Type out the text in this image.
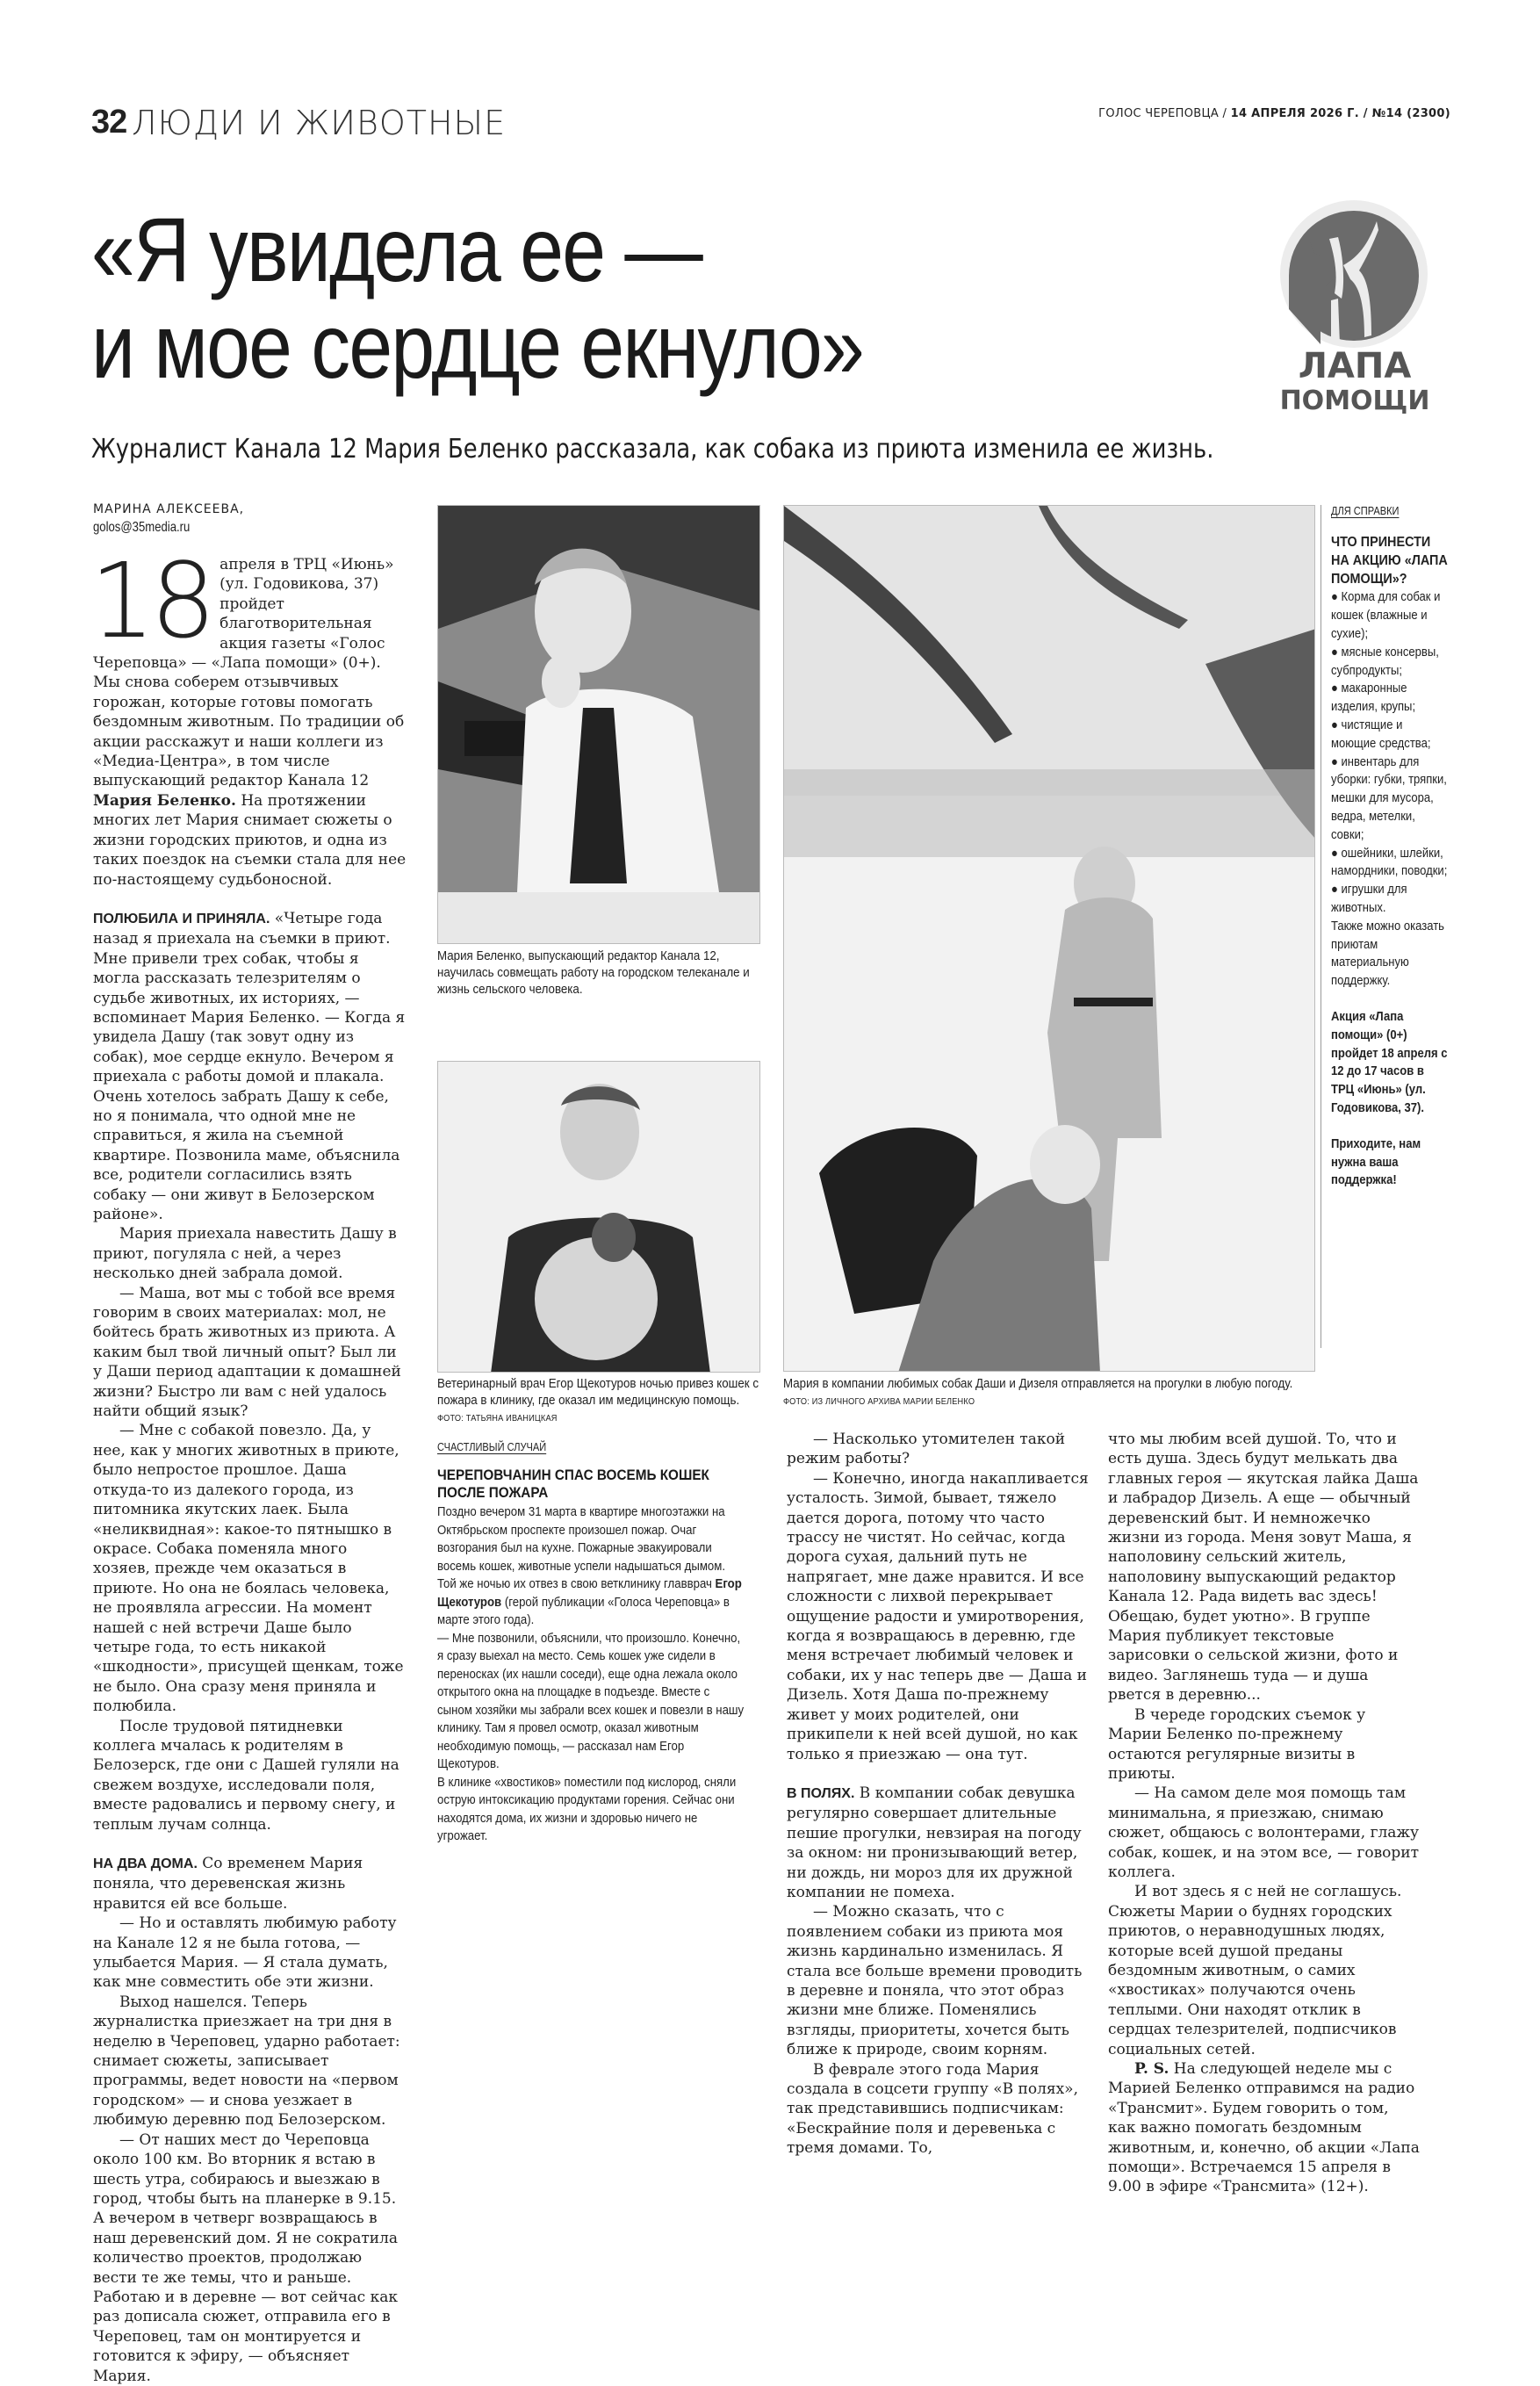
32 ЛЮДИ И ЖИВОТНЫЕ	ГОЛОС ЧЕРЕПОВЦА / 14 АПРЕЛЯ 2026 Г. / №14 (2300)
«Я увидела ее —
и мое сердце екнуло»	ЛАПА
ПОМОЩИ
Журналист Канала 12 Мария Беленко рассказала, как собака из приюта изменила ее жизнь.
МАРИНА АЛЕКСЕЕВА,
golos@35media.ru

18 апреля в ТРЦ «Июнь» (ул. Годовикова, 37) пройдет благотворительная акция газеты «Голос Череповца» — «Лапа помощи» (0+). Мы снова соберем отзывчивых горожан, которые готовы помогать бездомным животным. По традиции об акции расскажут и наши коллеги из «Медиа-Центра», в том числе выпускающий редактор Канала 12 Мария Беленко. На протяжении многих лет Мария снимает сюжеты о жизни городских приютов, и одна из таких поездок на съемки стала для нее по-настоящему судьбоносной.

ПОЛЮБИЛА И ПРИНЯЛА. «Четыре года назад я приехала на съемки в приют. Мне привели трех собак, чтобы я могла рассказать телезрителям о судьбе животных, их историях, — вспоминает Мария Беленко. — Когда я увидела Дашу (так зовут одну из собак), мое сердце екнуло. Вечером я приехала с работы домой и плакала. Очень хотелось забрать Дашу к себе, но я понимала, что одной мне не справиться, я жила на съемной квартире. Позвонила маме, объяснила все, родители согласились взять собаку — они живут в Белозерском районе».

Мария приехала навестить Дашу в приют, погуляла с ней, а через несколько дней забрала домой.

— Маша, вот мы с тобой все время говорим в своих материалах: мол, не бойтесь брать животных из приюта. А каким был твой личный опыт? Был ли у Даши период адаптации к домашней жизни? Быстро ли вам с ней удалось найти общий язык?

— Мне с собакой повезло. Да, у нее, как у многих животных в приюте, было непростое прошлое. Даша откуда-то из далекого города, из питомника якутских лаек. Была «неликвидная»: какое-то пятнышко в окрасе. Собака поменяла много хозяев, прежде чем оказаться в приюте. Но она не боялась человека, не проявляла агрессии. На момент нашей с ней встречи Даше было четыре года, то есть никакой «шкодности», присущей щенкам, тоже не было. Она сразу меня приняла и полюбила.

После трудовой пятидневки коллега мчалась к родителям в Белозерск, где они с Дашей гуляли на свежем воздухе, исследовали поля, вместе радовались и первому снегу, и теплым лучам солнца.

НА ДВА ДОМА. Со временем Мария поняла, что деревенская жизнь нравится ей все больше.

— Но и оставлять любимую работу на Канале 12 я не была готова, — улыбается Мария. — Я стала думать, как мне совместить обе эти жизни.

Выход нашелся. Теперь журналистка приезжает на три дня в неделю в Череповец, ударно работает: снимает сюжеты, записывает программы, ведет новости на «первом городском» — и снова уезжает в любимую деревню под Белозерском.

— От наших мест до Череповца около 100 км. Во вторник я встаю в шесть утра, собираюсь и выезжаю в город, чтобы быть на планерке в 9.15. А вечером в четверг возвращаюсь в наш деревенский дом. Я не сократила количество проектов, продолжаю вести те же темы, что и раньше. Работаю и в деревне — вот сейчас как раз дописала сюжет, отправила его в Череповец, там он монтируется и готовится к эфиру, — объясняет Мария.

Мария Беленко, выпускающий редактор Канала 12, научилась совмещать работу на городском телеканале и жизнь сельского человека.
Ветеринарный врач Егор Щекотуров ночью привез кошек с пожара в клинику, где оказал им медицинскую помощь. ФОТО: ТАТЬЯНА ИВАНИЦКАЯ
Мария в компании любимых собак Даши и Дизеля отправляется на прогулки в любую погоду. ФОТО: ИЗ ЛИЧНОГО АРХИВА МАРИИ БЕЛЕНКО
СЧАСТЛИВЫЙ СЛУЧАЙ
ЧЕРЕПОВЧАНИН СПАС ВОСЕМЬ КОШЕК ПОСЛЕ ПОЖАРА

Поздно вечером 31 марта в квартире многоэтажки на Октябрьском проспекте произошел пожар. Очаг возгорания был на кухне. Пожарные эвакуировали восемь кошек, животные успели надышаться дымом. Той же ночью их отвез в свою ветклинику главврач Егор Щекотуров (герой публикации «Голоса Череповца» в марте этого года).

— Мне позвонили, объяснили, что произошло. Конечно, я сразу выехал на место. Семь кошек уже сидели в переносках (их нашли соседи), еще одна лежала около открытого окна на площадке в подъезде. Вместе с сыном хозяйки мы забрали всех кошек и повезли в нашу клинику. Там я провел осмотр, оказал животным необходимую помощь, — рассказал нам Егор Щекотуров.

В клинике «хвостиков» поместили под кислород, сняли острую интоксикацию продуктами горения. Сейчас они находятся дома, их жизни и здоровью ничего не угрожает.

— Насколько утомителен такой режим работы?

— Конечно, иногда накапливается усталость. Зимой, бывает, тяжело дается дорога, потому что часто трассу не чистят. Но сейчас, когда дорога сухая, дальний путь не напрягает, мне даже нравится. И все сложности с лихвой перекрывает ощущение радости и умиротворения, когда я возвращаюсь в деревню, где меня встречает любимый человек и собаки, их у нас теперь две — Даша и Дизель. Хотя Даша по-прежнему живет у моих родителей, они прикипели к ней всей душой, но как только я приезжаю — она тут.

В ПОЛЯХ. В компании собак девушка регулярно совершает длительные пешие прогулки, невзирая на погоду за окном: ни пронизывающий ветер, ни дождь, ни мороз для их дружной компании не помеха.

— Можно сказать, что с появлением собаки из приюта моя жизнь кардинально изменилась. Я стала все больше времени проводить в деревне и поняла, что этот образ жизни мне ближе. Поменялись взгляды, приоритеты, хочется быть ближе к природе, своим корням.

В феврале этого года Мария создала в соцсети группу «В полях», так представившись подписчикам: «Бескрайние поля и деревенька с тремя домами. То,

что мы любим всей душой. То, что и есть душа. Здесь будут мелькать два главных героя — якутская лайка Даша и лабрадор Дизель. А еще — обычный деревенский быт. И немножечко жизни из города. Меня зовут Маша, я наполовину сельский житель, наполовину выпускающий редактор Канала 12. Рада видеть вас здесь! Обещаю, будет уютно». В группе Мария публикует текстовые зарисовки о сельской жизни, фото и видео. Заглянешь туда — и душа рвется в деревню...

В череде городских съемок у Марии Беленко по-прежнему остаются регулярные визиты в приюты.

— На самом деле моя помощь там минимальна, я приезжаю, снимаю сюжет, общаюсь с волонтерами, глажу собак, кошек, и на этом все, — говорит коллега.

И вот здесь я с ней не соглашусь. Сюжеты Марии о буднях городских приютов, о неравнодушных людях, которые всей душой преданы бездомным животным, о самих «хвостиках» получаются очень теплыми. Они находят отклик в сердцах телезрителей, подписчиков социальных сетей.

P. S. На следующей неделе мы с Марией Беленко отправимся на радио «Трансмит». Будем говорить о том, как важно помогать бездомным животным, и, конечно, об акции «Лапа помощи». Встречаемся 15 апреля в 9.00 в эфире «Трансмита» (12+).

ДЛЯ СПРАВКИ

ЧТО ПРИНЕСТИ НА АКЦИЮ «ЛАПА ПОМОЩИ»?

● Корма для собак и кошек (влажные и сухие);

● мясные консервы, субпродукты;

● макаронные изделия, крупы;

● чистящие и моющие средства;

● инвентарь для уборки: губки, тряпки, мешки для мусора, ведра, метелки, совки;

● ошейники, шлейки, намордники, поводки;

● игрушки для животных.

Также можно оказать приютам материальную поддержку.

Акция «Лапа помощи» (0+) пройдет 18 апреля с 12 до 17 часов в ТРЦ «Июнь» (ул. Годовикова, 37).

Приходите, нам нужна ваша поддержка!
